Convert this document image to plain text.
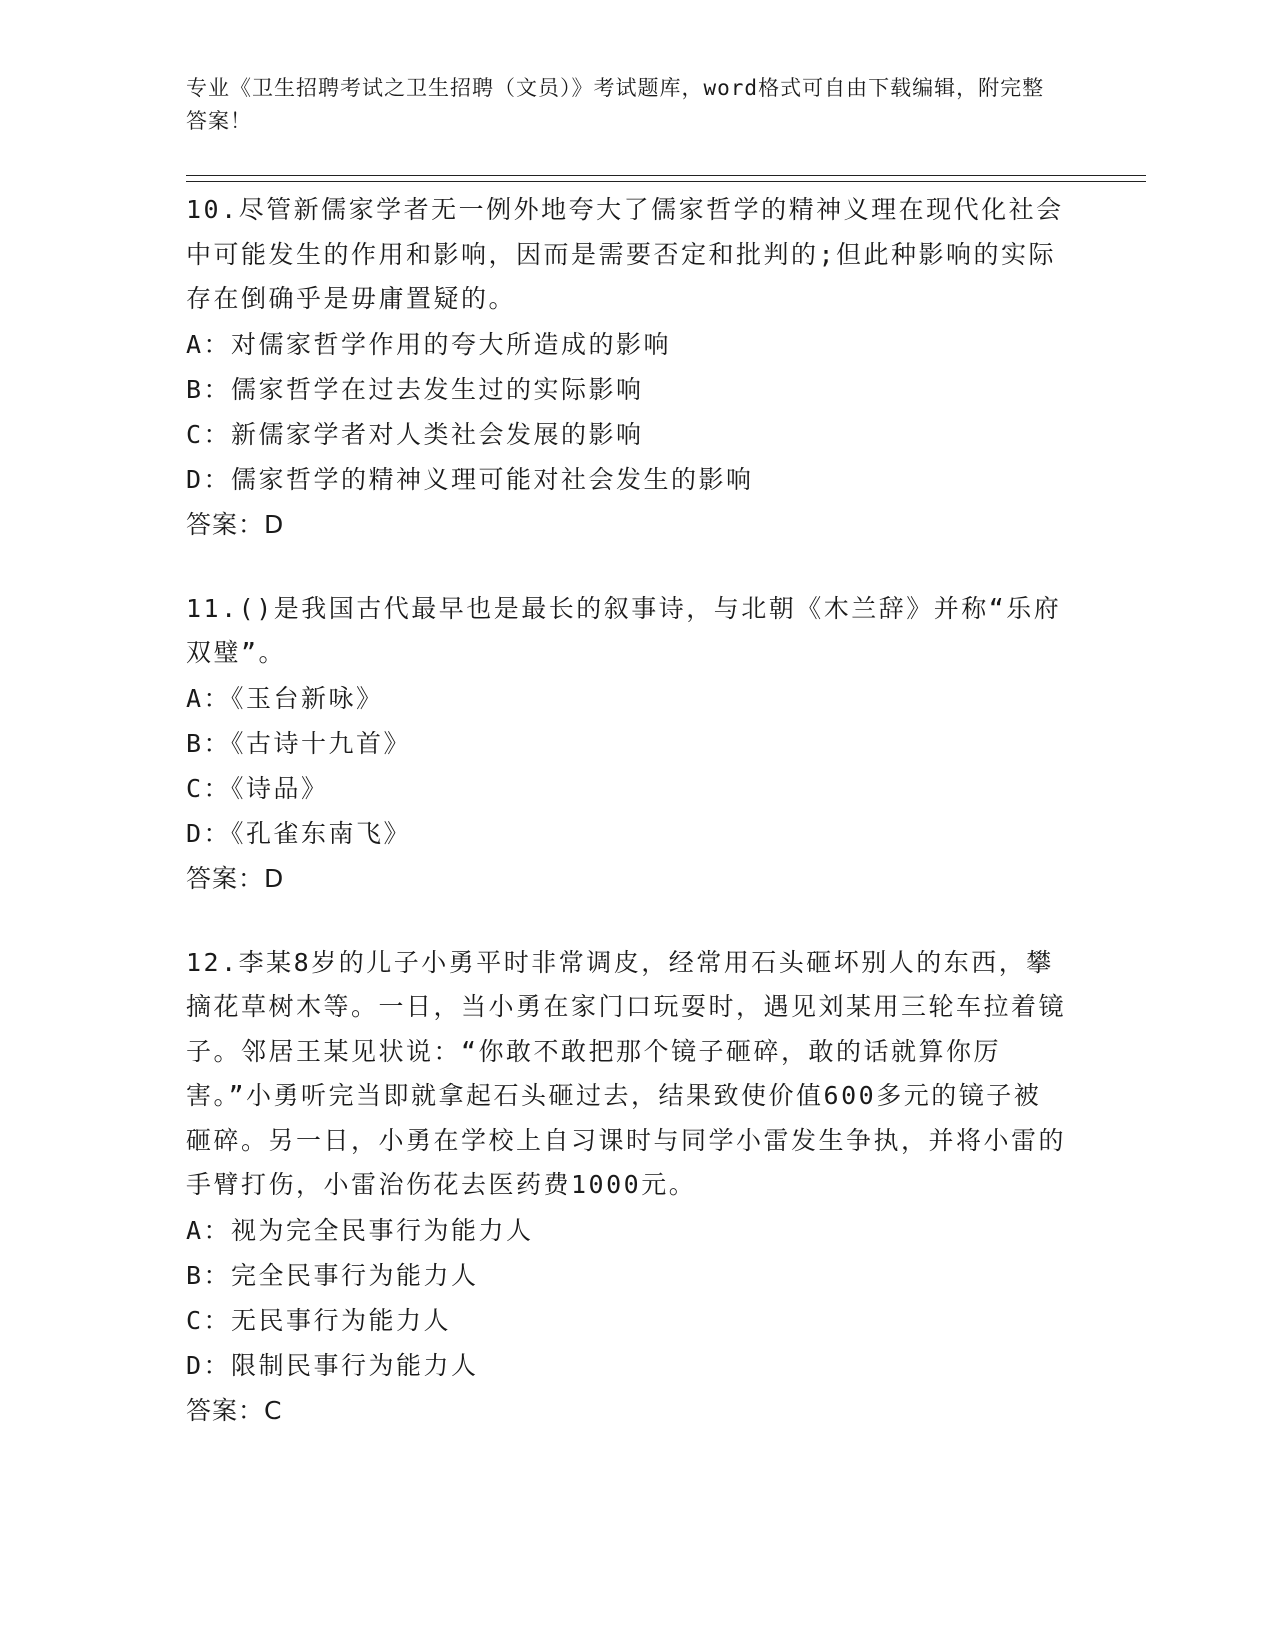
专业《卫生招聘考试之卫生招聘（文员）》考试题库，word格式可自由下载编辑，附完整答案！

10.尽管新儒家学者无一例外地夸大了儒家哲学的精神义理在现代化社会中可能发生的作用和影响，因而是需要否定和批判的;但此种影响的实际存在倒确乎是毋庸置疑的。

A：对儒家哲学作用的夸大所造成的影响

B：儒家哲学在过去发生过的实际影响

C：新儒家学者对人类社会发展的影响

D：儒家哲学的精神义理可能对社会发生的影响

答案：D

11.()是我国古代最早也是最长的叙事诗，与北朝《木兰辞》并称“乐府双璧”。

A：《玉台新咏》

B：《古诗十九首》

C：《诗品》

D：《孔雀东南飞》

答案：D

12.李某8岁的儿子小勇平时非常调皮，经常用石头砸坏别人的东西，攀摘花草树木等。一日，当小勇在家门口玩耍时，遇见刘某用三轮车拉着镜子。邻居王某见状说：“你敢不敢把那个镜子砸碎，敢的话就算你厉害。”小勇听完当即就拿起石头砸过去，结果致使价值600多元的镜子被砸碎。另一日，小勇在学校上自习课时与同学小雷发生争执，并将小雷的手臂打伤，小雷治伤花去医药费1000元。

A：视为完全民事行为能力人

B：完全民事行为能力人

C：无民事行为能力人

D：限制民事行为能力人

答案：C
